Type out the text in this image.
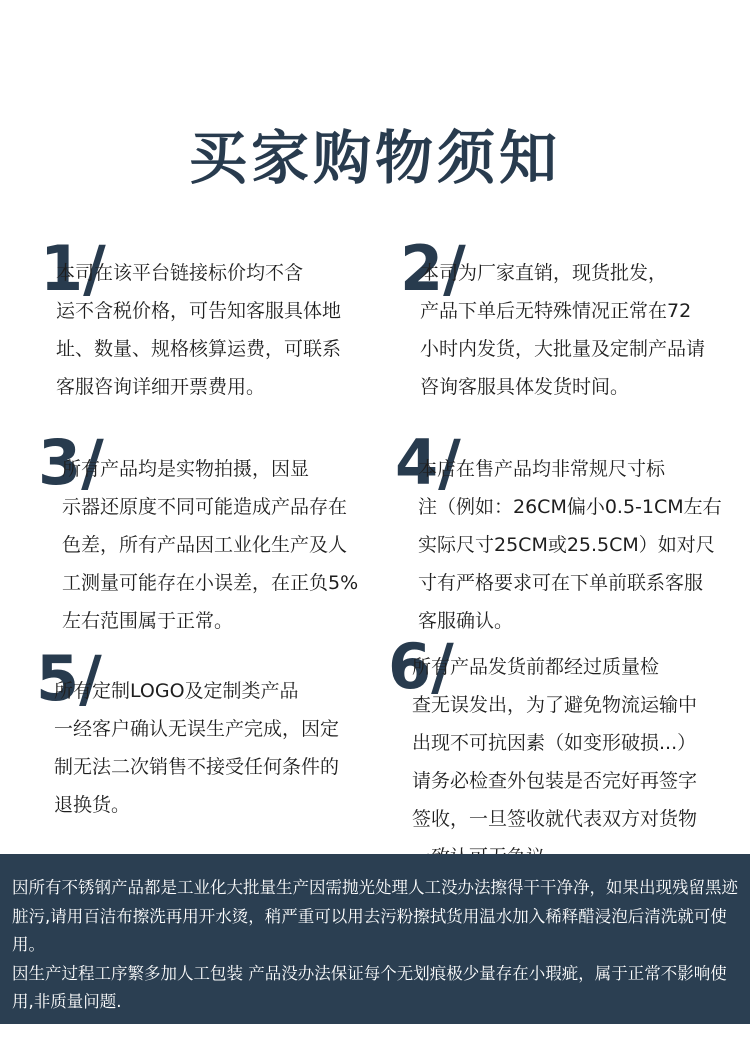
买家购物须知
1/
本司在该平台链接标价均不含
运不含税价格，可告知客服具体地
址、数量、规格核算运费，可联系
客服咨询详细开票费用。
2/
本司为厂家直销，现货批发，
产品下单后无特殊情况正常在72
小时内发货，大批量及定制产品请
咨询客服具体发货时间。
3/
所有产品均是实物拍摄，因显
示器还原度不同可能造成产品存在
色差，所有产品因工业化生产及人
工测量可能存在小误差，在正负5%
左右范围属于正常。
4/
本店在售产品均非常规尺寸标
注（例如：26CM偏小0.5-1CM左右
实际尺寸25CM或25.5CM）如对尺
寸有严格要求可在下单前联系客服
客服确认。
5/
所有定制LOGO及定制类产品
一经客户确认无误生产完成，因定
制无法二次销售不接受任何条件的
退换货。
6/
所有产品发货前都经过质量检
查无误发出，为了避免物流运输中
出现不可抗因素（如变形破损...）
请务必检查外包装是否完好再签字
签收，一旦签收就代表双方对货物

因所有不锈钢产品都是工业化大批量生产因需抛光处理人工没办法擦得干干净净，如果出现残留黑迹脏污,请用百洁布擦洗再用开水烫，稍严重可以用去污粉擦拭货用温水加入稀释醋浸泡后清洗就可使用。
因生产过程工序繁多加人工包装 产品没办法保证每个无划痕极少量存在小瑕疵，属于正常不影响使用,非质量问题.
